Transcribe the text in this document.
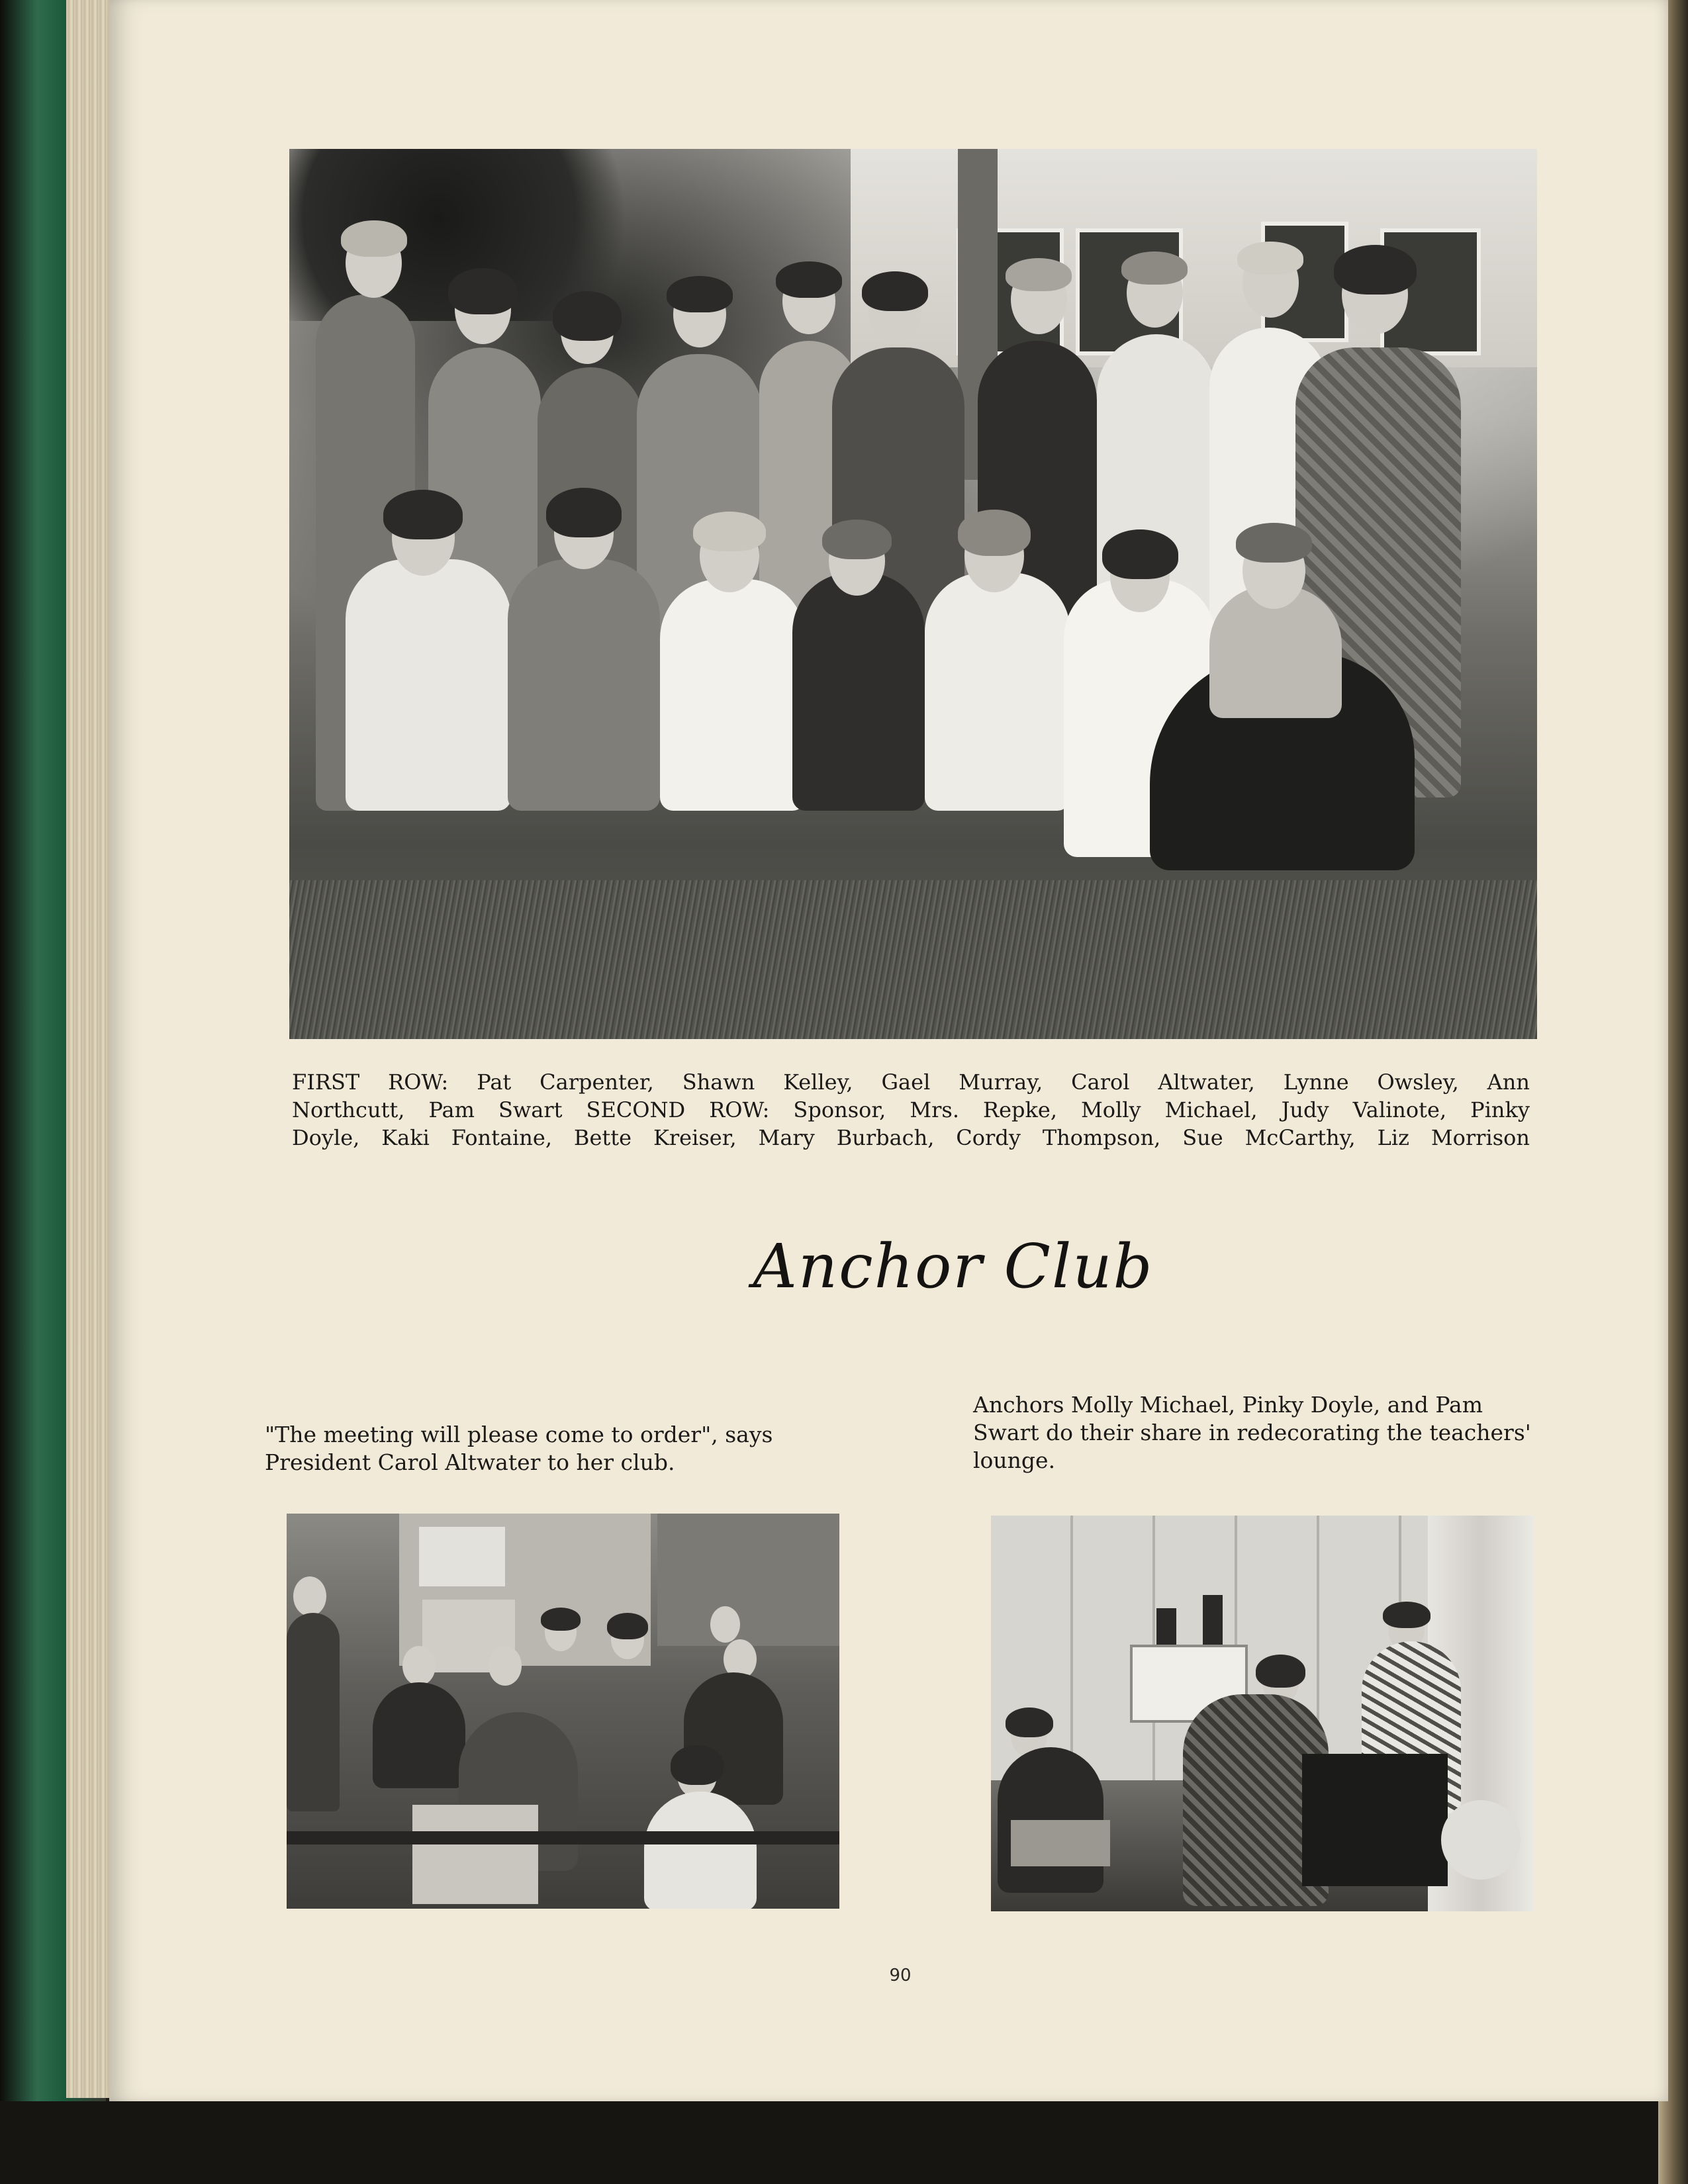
FIRST ROW: Pat Carpenter, Shawn Kelley, Gael Murray, Carol Altwater, Lynne Owsley, Ann
Northcutt, Pam Swart SECOND ROW: Sponsor, Mrs. Repke, Molly Michael, Judy Valinote, Pinky
Doyle, Kaki Fontaine, Bette Kreiser, Mary Burbach, Cordy Thompson, Sue McCarthy, Liz Morrison
Anchor Club
"The meeting will please come to order", says
President Carol Altwater to her club.
Anchors Molly Michael, Pinky Doyle, and Pam
Swart do their share in redecorating the teachers'
lounge.
90
